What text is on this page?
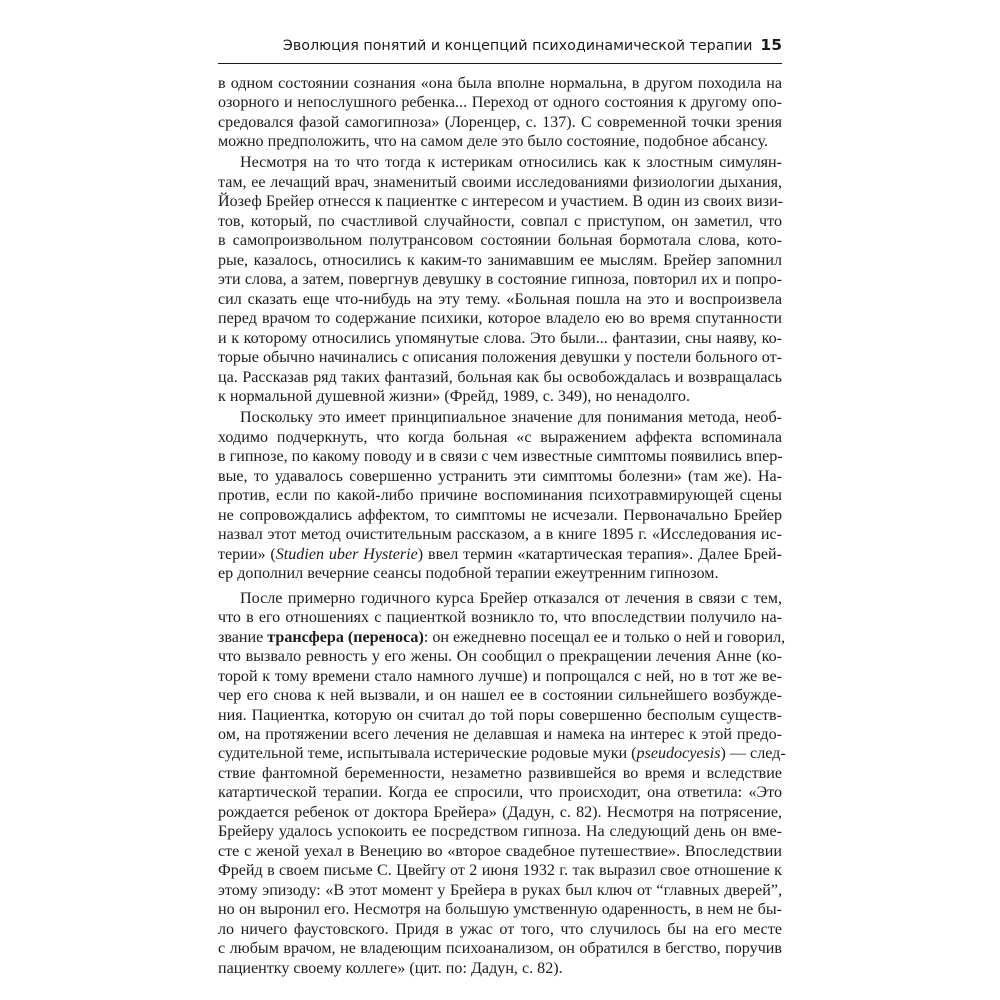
Эволюция понятий и концепций психодинамической терапии 15
в одном состоянии сознания «она была вполне нормальна, в другом походила на
озорного и непослушного ребенка... Переход от одного состояния к другому опо-
средовался фазой самогипноза» (Лоренцер, с. 137). С современной точки зрения
можно предположить, что на самом деле это было состояние, подобное абсансу.
Несмотря на то что тогда к истерикам относились как к злостным симулян-
там, ее лечащий врач, знаменитый своими исследованиями физиологии дыхания,
Йозеф Брейер отнесся к пациентке с интересом и участием. В один из своих визи-
тов, который, по счастливой случайности, совпал с приступом, он заметил, что
в самопроизвольном полутрансовом состоянии больная бормотала слова, кото-
рые, казалось, относились к каким-то занимавшим ее мыслям. Брейер запомнил
эти слова, а затем, повергнув девушку в состояние гипноза, повторил их и попро-
сил сказать еще что-нибудь на эту тему. «Больная пошла на это и воспроизвела
перед врачом то содержание психики, которое владело ею во время спутанности
и к которому относились упомянутые слова. Это были... фантазии, сны наяву, ко-
торые обычно начинались с описания положения девушки у постели больного от-
ца. Рассказав ряд таких фантазий, больная как бы освобождалась и возвращалась
к нормальной душевной жизни» (Фрейд, 1989, с. 349), но ненадолго.
Поскольку это имеет принципиальное значение для понимания метода, необ-
ходимо подчеркнуть, что когда больная «с выражением аффекта вспоминала
в гипнозе, по какому поводу и в связи с чем известные симптомы появились впер-
вые, то удавалось совершенно устранить эти симптомы болезни» (там же). На-
против, если по какой-либо причине воспоминания психотравмирующей сцены
не сопровождались аффектом, то симптомы не исчезали. Первоначально Брейер
назвал этот метод очистительным рассказом, а в книге 1895 г. «Исследования ис-
терии» (Studien uber Hysterie) ввел термин «катартическая терапия». Далее Брей-
ер дополнил вечерние сеансы подобной терапии ежеутренним гипнозом.
После примерно годичного курса Брейер отказался от лечения в связи с тем,
что в его отношениях с пациенткой возникло то, что впоследствии получило на-
звание трансфера (переноса): он ежедневно посещал ее и только о ней и говорил,
что вызвало ревность у его жены. Он сообщил о прекращении лечения Анне (ко-
торой к тому времени стало намного лучше) и попрощался с ней, но в тот же ве-
чер его снова к ней вызвали, и он нашел ее в состоянии сильнейшего возбужде-
ния. Пациентка, которую он считал до той поры совершенно бесполым существ-
ом, на протяжении всего лечения не делавшая и намека на интерес к этой предо-
судительной теме, испытывала истерические родовые муки (pseudocyesis) — след-
ствие фантомной беременности, незаметно развившейся во время и вследствие
катартической терапии. Когда ее спросили, что происходит, она ответила: «Это
рождается ребенок от доктора Брейера» (Дадун, с. 82). Несмотря на потрясение,
Брейеру удалось успокоить ее посредством гипноза. На следующий день он вме-
сте с женой уехал в Венецию во «второе свадебное путешествие». Впоследствии
Фрейд в своем письме С. Цвейгу от 2 июня 1932 г. так выразил свое отношение к
этому эпизоду: «В этот момент у Брейера в руках был ключ от “главных дверей”,
но он выронил его. Несмотря на большую умственную одаренность, в нем не бы-
ло ничего фаустовского. Придя в ужас от того, что случилось бы на его месте
с любым врачом, не владеющим психоанализом, он обратился в бегство, поручив
пациентку своему коллеге» (цит. по: Дадун, с. 82).
